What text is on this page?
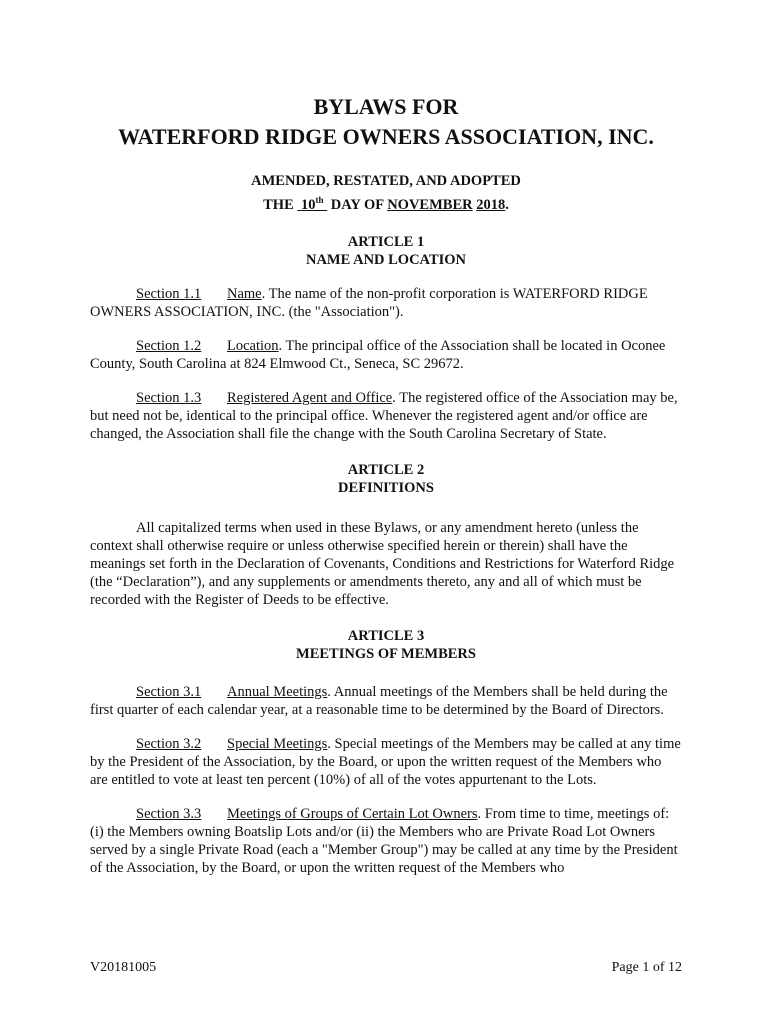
BYLAWS FOR
WATERFORD RIDGE OWNERS ASSOCIATION, INC.
AMENDED, RESTATED, AND ADOPTED
THE 10th DAY OF NOVEMBER 2018.
ARTICLE 1
NAME AND LOCATION

Section 1.1 Name. The name of the non-profit corporation is WATERFORD RIDGE OWNERS ASSOCIATION, INC. (the "Association").

Section 1.2 Location. The principal office of the Association shall be located in Oconee County, South Carolina at 824 Elmwood Ct., Seneca, SC 29672.

Section 1.3 Registered Agent and Office. The registered office of the Association may be, but need not be, identical to the principal office. Whenever the registered agent and/or office are changed, the Association shall file the change with the South Carolina Secretary of State.

ARTICLE 2
DEFINITIONS

All capitalized terms when used in these Bylaws, or any amendment hereto (unless the context shall otherwise require or unless otherwise specified herein or therein) shall have the meanings set forth in the Declaration of Covenants, Conditions and Restrictions for Waterford Ridge (the “Declaration”), and any supplements or amendments thereto, any and all of which must be recorded with the Register of Deeds to be effective.

ARTICLE 3
MEETINGS OF MEMBERS

Section 3.1 Annual Meetings. Annual meetings of the Members shall be held during the first quarter of each calendar year, at a reasonable time to be determined by the Board of Directors.

Section 3.2 Special Meetings. Special meetings of the Members may be called at any time by the President of the Association, by the Board, or upon the written request of the Members who are entitled to vote at least ten percent (10%) of all of the votes appurtenant to the Lots.

Section 3.3 Meetings of Groups of Certain Lot Owners. From time to time, meetings of: (i) the Members owning Boatslip Lots and/or (ii) the Members who are Private Road Lot Owners served by a single Private Road (each a "Member Group") may be called at any time by the President of the Association, by the Board, or upon the written request of the Members who

V20181005	Page 1 of 12
